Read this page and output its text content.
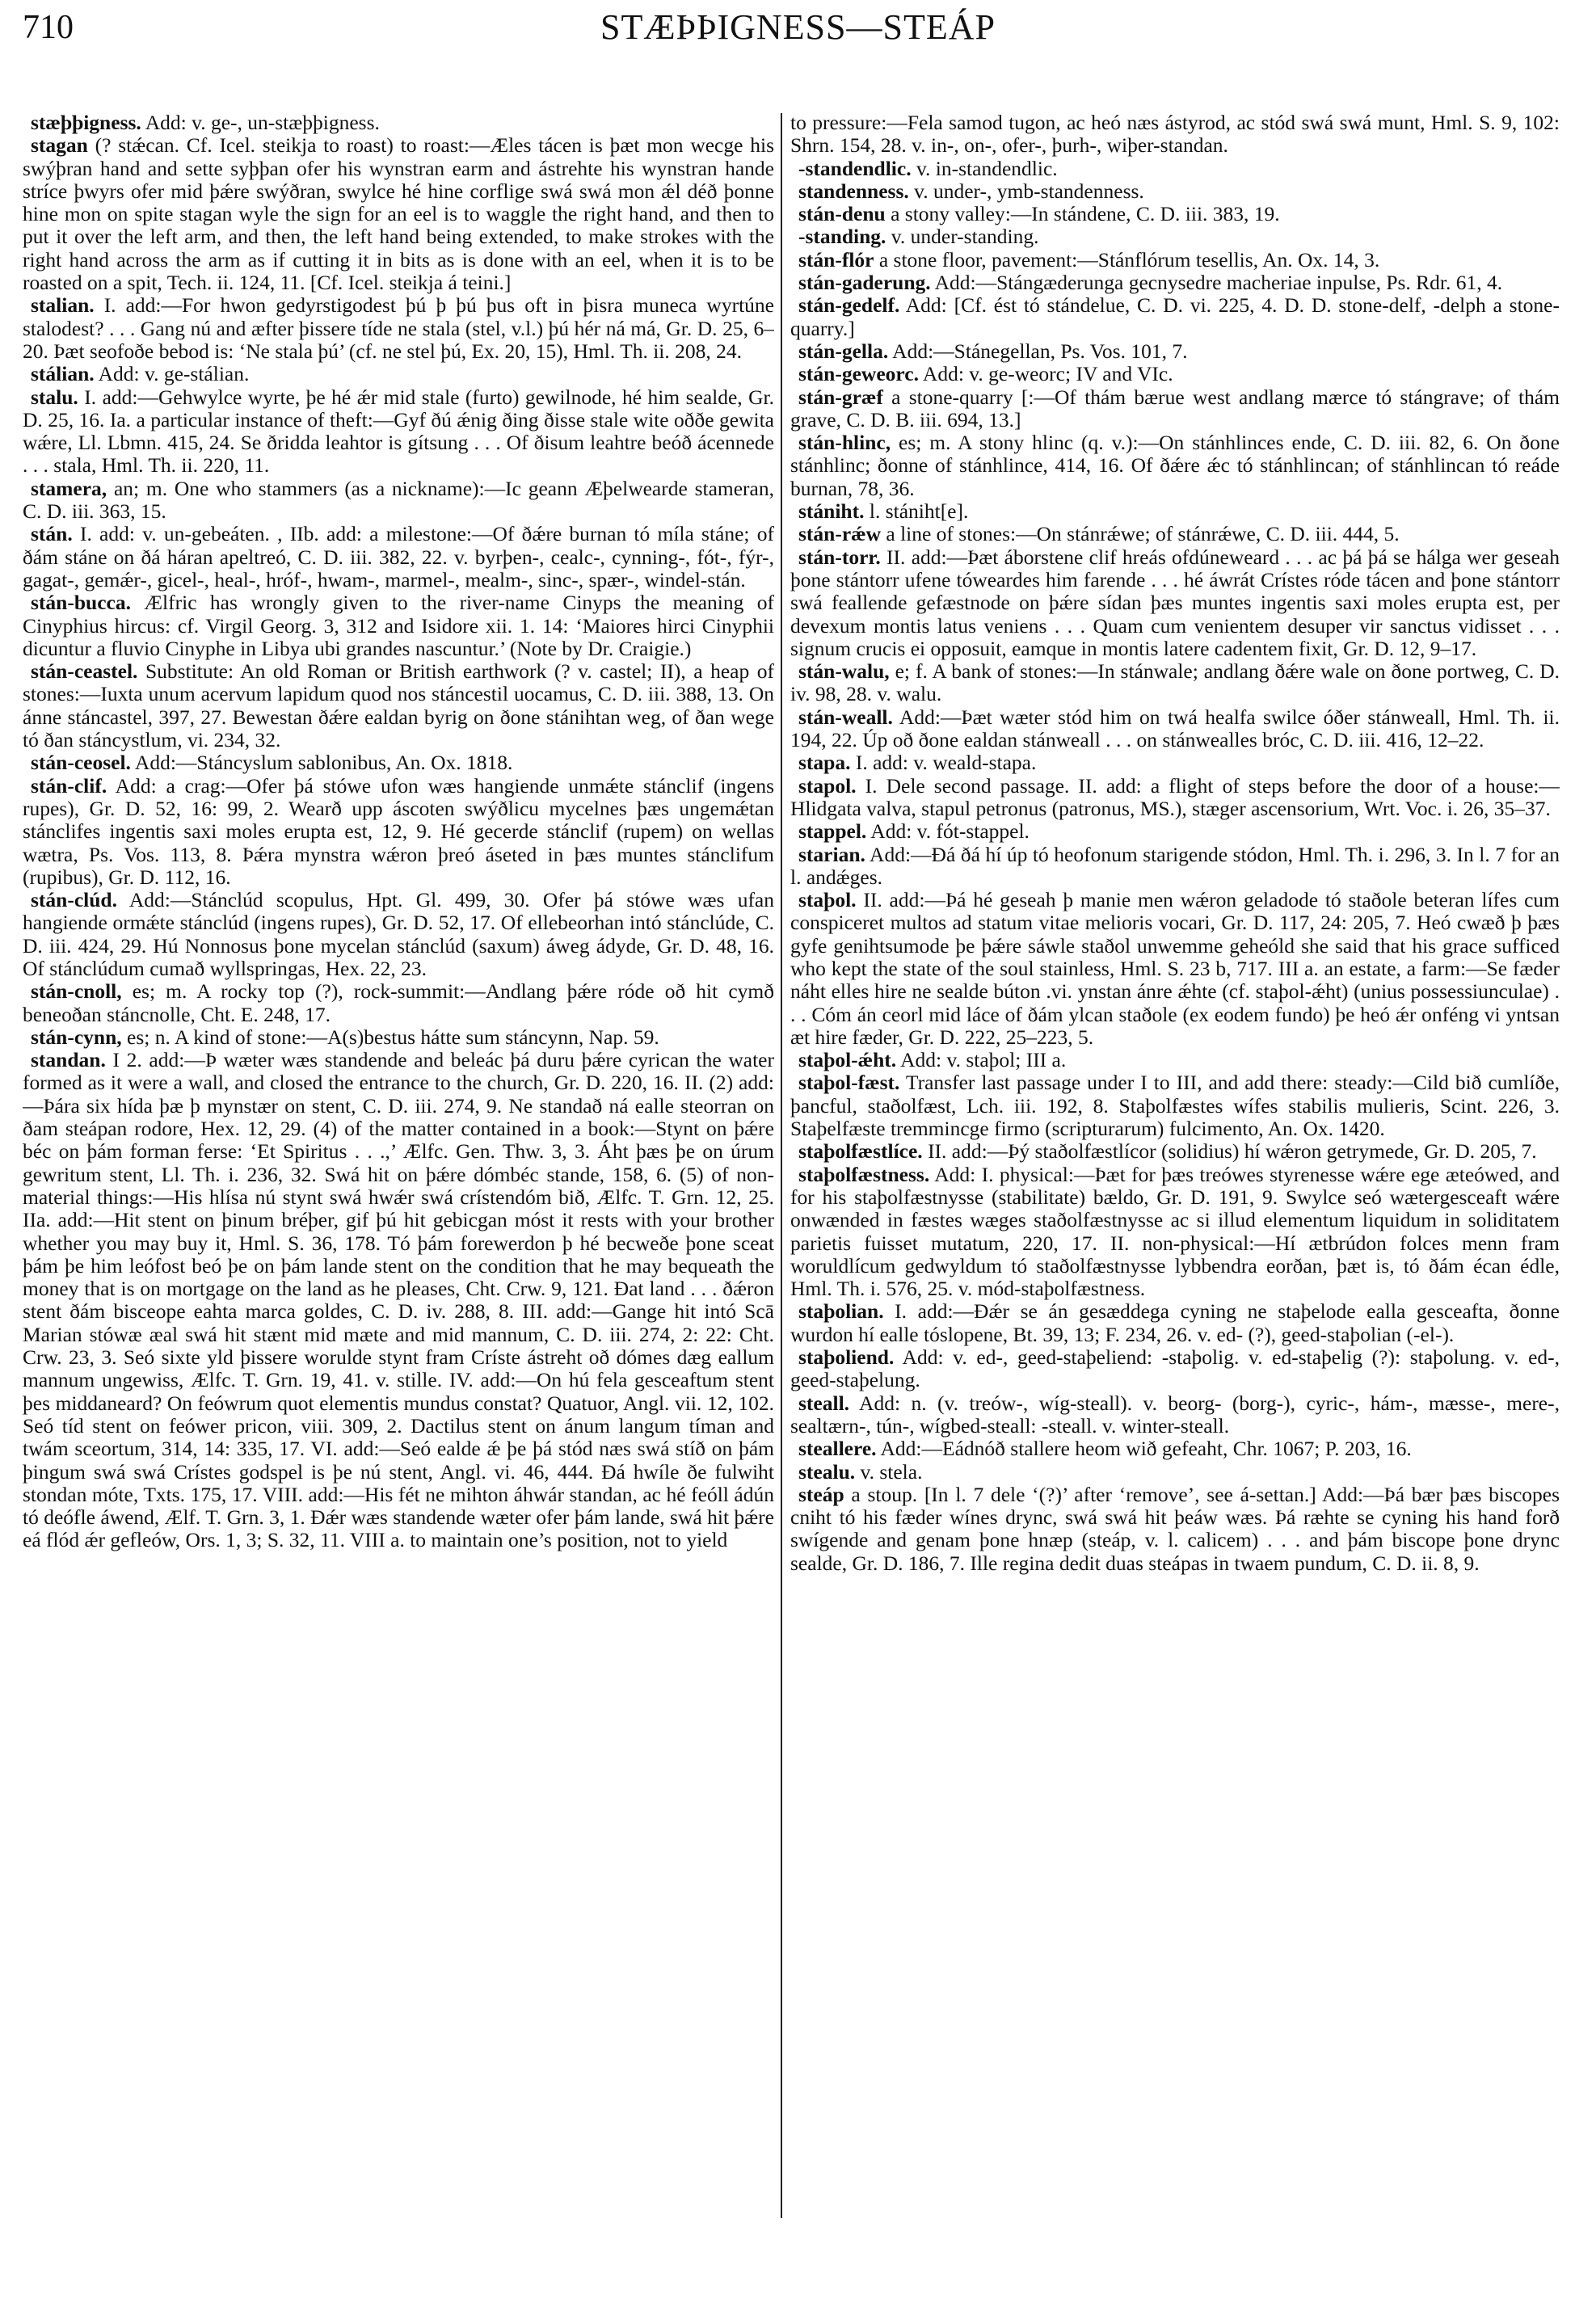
710	STÆÞÞIGNESS—STEÁP

stæþþigness. Add: v. ge-, un-stæþþigness.

stagan (? stǽcan. Cf. Icel. steikja to roast) to roast:—Æles tácen is þæt mon wecge his swýþran hand and sette syþþan ofer his wynstran earm and ástrehte his wynstran hande stríce þwyrs ofer mid þǽre swýðran, swylce hé hine corflige swá swá mon ǽl déð þonne hine mon on spite stagan wyle the sign for an eel is to waggle the right hand, and then to put it over the left arm, and then, the left hand being extended, to make strokes with the right hand across the arm as if cutting it in bits as is done with an eel, when it is to be roasted on a spit, Tech. ii. 124, 11. [Cf. Icel. steikja á teini.]

stalian. I. add:—For hwon gedyrstigodest þú þ þú þus oft in þisra muneca wyrtúne stalodest? . . . Gang nú and æfter þissere tíde ne stala (stel, v.l.) þú hér ná má, Gr. D. 25, 6–20. Þæt seofoðe bebod is: ‘Ne stala þú’ (cf. ne stel þú, Ex. 20, 15), Hml. Th. ii. 208, 24.

stálian. Add: v. ge-stálian.

stalu. I. add:—Gehwylce wyrte, þe hé ǽr mid stale (furto) gewilnode, hé him sealde, Gr. D. 25, 16. Ia. a particular instance of theft:—Gyf ðú ǽnig ðing ðisse stale wite oððe gewita wǽre, Ll. Lbmn. 415, 24. Se ðridda leahtor is gítsung . . . Of ðisum leahtre beóð ácennede . . . stala, Hml. Th. ii. 220, 11.

stamera, an; m. One who stammers (as a nickname):—Ic geann Æþelwearde stameran, C. D. iii. 363, 15.

stán. I. add: v. un-gebeáten. , IIb. add: a milestone:—Of ðǽre burnan tó míla stáne; of ðám stáne on ðá háran apeltreó, C. D. iii. 382, 22. v. byrþen-, cealc-, cynning-, fót-, fýr-, gagat-, gemǽr-, gicel-, heal-, hróf-, hwam-, marmel-, mealm-, sinc-, spær-, windel-stán.

stán-bucca. Ælfric has wrongly given to the river-name Cinyps the meaning of Cinyphius hircus: cf. Virgil Georg. 3, 312 and Isidore xii. 1. 14: ‘Maiores hirci Cinyphii dicuntur a fluvio Cinyphe in Libya ubi grandes nascuntur.’ (Note by Dr. Craigie.)

stán-ceastel. Substitute: An old Roman or British earthwork (? v. castel; II), a heap of stones:—Iuxta unum acervum lapidum quod nos stáncestil uocamus, C. D. iii. 388, 13. On ánne stáncastel, 397, 27. Bewestan ðǽre ealdan byrig on ðone stánihtan weg, of ðan wege tó ðan stáncystlum, vi. 234, 32.

stán-ceosel. Add:—Stáncyslum sablonibus, An. Ox. 1818.

stán-clif. Add: a crag:—Ofer þá stówe ufon wæs hangiende unmǽte stánclif (ingens rupes), Gr. D. 52, 16: 99, 2. Wearð upp áscoten swýðlicu mycelnes þæs ungemǽtan stánclifes ingentis saxi moles erupta est, 12, 9. Hé gecerde stánclif (rupem) on wellas wætra, Ps. Vos. 113, 8. Þǽra mynstra wǽron þreó áseted in þæs muntes stánclifum (rupibus), Gr. D. 112, 16.

stán-clúd. Add:—Stánclúd scopulus, Hpt. Gl. 499, 30. Ofer þá stówe wæs ufan hangiende ormǽte stánclúd (ingens rupes), Gr. D. 52, 17. Of ellebeorhan intó stánclúde, C. D. iii. 424, 29. Hú Nonnosus þone mycelan stánclúd (saxum) áweg ádyde, Gr. D. 48, 16. Of stánclúdum cumað wyllspringas, Hex. 22, 23.

stán-cnoll, es; m. A rocky top (?), rock-summit:—Andlang þǽre róde oð hit cymð beneoðan stáncnolle, Cht. E. 248, 17.

stán-cynn, es; n. A kind of stone:—A(s)bestus hátte sum stáncynn, Nap. 59.

standan. I 2. add:—Þ wæter wæs standende and beleác þá duru þǽre cyrican the water formed as it were a wall, and closed the entrance to the church, Gr. D. 220, 16. II. (2) add:—Þára six hída þæ þ mynstær on stent, C. D. iii. 274, 9. Ne standað ná ealle steorran on ðam steápan rodore, Hex. 12, 29. (4) of the matter contained in a book:—Stynt on þǽre béc on þám forman ferse: ‘Et Spiritus . . .,’ Ælfc. Gen. Thw. 3, 3. Áht þæs þe on úrum gewritum stent, Ll. Th. i. 236, 32. Swá hit on þǽre dómbéc stande, 158, 6. (5) of non-material things:—His hlísa nú stynt swá hwǽr swá crístendóm bið, Ælfc. T. Grn. 12, 25. IIa. add:—Hit stent on þinum bréþer, gif þú hit gebicgan móst it rests with your brother whether you may buy it, Hml. S. 36, 178. Tó þám forewerdon þ hé becweðe þone sceat þám þe him leófost beó þe on þám lande stent on the condition that he may bequeath the money that is on mortgage on the land as he pleases, Cht. Crw. 9, 121. Ðat land . . . ðǽron stent ðám bisceope eahta marca goldes, C. D. iv. 288, 8. III. add:—Gange hit intó Scā Marian stówæ æal swá hit stænt mid mæte and mid mannum, C. D. iii. 274, 2: 22: Cht. Crw. 23, 3. Seó sixte yld þissere worulde stynt fram Críste ástreht oð dómes dæg eallum mannum ungewiss, Ælfc. T. Grn. 19, 41. v. stille. IV. add:—On hú fela gesceaftum stent þes middaneard? On feówrum quot elementis mundus constat? Quatuor, Angl. vii. 12, 102. Seó tíd stent on feówer pricon, viii. 309, 2. Dactilus stent on ánum langum tíman and twám sceortum, 314, 14: 335, 17. VI. add:—Seó ealde ǽ þe þá stód næs swá stíð on þám þingum swá swá Crístes godspel is þe nú stent, Angl. vi. 46, 444. Ðá hwíle ðe fulwiht stondan móte, Txts. 175, 17. VIII. add:—His fét ne mihton áhwár standan, ac hé feóll ádún tó deófle áwend, Ælf. T. Grn. 3, 1. Ðǽr wæs standende wæter ofer þám lande, swá hit þǽre eá flód ǽr gefleów, Ors. 1, 3; S. 32, 11. VIII a. to maintain one’s position, not to yield

to pressure:—Fela samod tugon, ac heó næs ástyrod, ac stód swá swá munt, Hml. S. 9, 102: Shrn. 154, 28. v. in-, on-, ofer-, þurh-, wiþer-standan.

-standendlic. v. in-standendlic.

standenness. v. under-, ymb-standenness.

stán-denu a stony valley:—In stándene, C. D. iii. 383, 19.

-standing. v. under-standing.

stán-flór a stone floor, pavement:—Stánflórum tesellis, An. Ox. 14, 3.

stán-gaderung. Add:—Stángæderunga gecnysedre macheriae inpulse, Ps. Rdr. 61, 4.

stán-gedelf. Add: [Cf. ést tó stándelue, C. D. vi. 225, 4. D. D. stone-delf, -delph a stone-quarry.]

stán-gella. Add:—Stánegellan, Ps. Vos. 101, 7.

stán-geweorc. Add: v. ge-weorc; IV and VIc.

stán-græf a stone-quarry [:—Of thám bærue west andlang mærce tó stángrave; of thám grave, C. D. B. iii. 694, 13.]

stán-hlinc, es; m. A stony hlinc (q. v.):—On stánhlinces ende, C. D. iii. 82, 6. On ðone stánhlinc; ðonne of stánhlince, 414, 16. Of ðǽre ǽc tó stánhlincan; of stánhlincan tó reáde burnan, 78, 36.

stániht. l. stániht[e].

stán-rǽw a line of stones:—On stánrǽwe; of stánrǽwe, C. D. iii. 444, 5.

stán-torr. II. add:—Þæt áborstene clif hreás ofdúneweard . . . ac þá þá se hálga wer geseah þone stántorr ufene tóweardes him farende . . . hé áwrát Crístes róde tácen and þone stántorr swá feallende gefæstnode on þǽre sídan þæs muntes ingentis saxi moles erupta est, per devexum montis latus veniens . . . Quam cum venientem desuper vir sanctus vidisset . . . signum crucis ei opposuit, eamque in montis latere cadentem fixit, Gr. D. 12, 9–17.

stán-walu, e; f. A bank of stones:—In stánwale; andlang ðǽre wale on ðone portweg, C. D. iv. 98, 28. v. walu.

stán-weall. Add:—Þæt wæter stód him on twá healfa swilce óðer stánweall, Hml. Th. ii. 194, 22. Úp oð ðone ealdan stánweall . . . on stánwealles bróc, C. D. iii. 416, 12–22.

stapa. I. add: v. weald-stapa.

stapol. I. Dele second passage. II. add: a flight of steps before the door of a house:—Hlidgata valva, stapul petronus (patronus, MS.), stæger ascensorium, Wrt. Voc. i. 26, 35–37.

stappel. Add: v. fót-stappel.

starian. Add:—Ðá ðá hí úp tó heofonum starigende stódon, Hml. Th. i. 296, 3. In l. 7 for an l. andǽges.

staþol. II. add:—Þá hé geseah þ manie men wǽron geladode tó staðole beteran lífes cum conspiceret multos ad statum vitae melioris vocari, Gr. D. 117, 24: 205, 7. Heó cwæð þ þæs gyfe genihtsumode þe þǽre sáwle staðol unwemme geheóld she said that his grace sufficed who kept the state of the soul stainless, Hml. S. 23 b, 717. III a. an estate, a farm:—Se fæder náht elles hire ne sealde búton .vi. ynstan ánre ǽhte (cf. staþol-ǽht) (unius possessiunculae) . . . Cóm án ceorl mid láce of ðám ylcan staðole (ex eodem fundo) þe heó ǽr onféng vi yntsan æt hire fæder, Gr. D. 222, 25–223, 5.

staþol-ǽht. Add: v. staþol; III a.

staþol-fæst. Transfer last passage under I to III, and add there: steady:—Cild bið cumlíðe, þancful, staðolfæst, Lch. iii. 192, 8. Staþolfæstes wífes stabilis mulieris, Scint. 226, 3. Staþelfæste tremmincge firmo (scripturarum) fulcimento, An. Ox. 1420.

staþolfæstlíce. II. add:—Þý staðolfæstlícor (solidius) hí wǽron getrymede, Gr. D. 205, 7.

staþolfæstness. Add: I. physical:—Þæt for þæs treówes styrenesse wǽre ege æteówed, and for his staþolfæstnysse (stabilitate) bældo, Gr. D. 191, 9. Swylce seó wætergesceaft wǽre onwænded in fæstes wæges staðolfæstnysse ac si illud elementum liquidum in soliditatem parietis fuisset mutatum, 220, 17. II. non-physical:—Hí ætbrúdon folces menn fram woruldlícum gedwyldum tó staðolfæstnysse lybbendra eorðan, þæt is, tó ðám écan édle, Hml. Th. i. 576, 25. v. mód-staþolfæstness.

staþolian. I. add:—Ðǽr se án gesæddega cyning ne staþelode ealla gesceafta, ðonne wurdon hí ealle tóslopene, Bt. 39, 13; F. 234, 26. v. ed- (?), geed-staþolian (-el-).

staþoliend. Add: v. ed-, geed-staþeliend: -staþolig. v. ed-staþelig (?): staþolung. v. ed-, geed-staþelung.

steall. Add: n. (v. treów-, wíg-steall). v. beorg- (borg-), cyric-, hám-, mæsse-, mere-, sealtærn-, tún-, wígbed-steall: -steall. v. winter-steall.

steallere. Add:—Eádnóð stallere heom wið gefeaht, Chr. 1067; P. 203, 16.

stealu. v. stela.

steáp a stoup. [In l. 7 dele ‘(?)’ after ‘remove’, see á-settan.] Add:—Þá bær þæs biscopes cniht tó his fæder wínes drync, swá swá hit þeáw wæs. Þá ræhte se cyning his hand forð swígende and genam þone hnæp (steáp, v. l. calicem) . . . and þám biscope þone drync sealde, Gr. D. 186, 7. Ille regina dedit duas steápas in twaem pundum, C. D. ii. 8, 9.
